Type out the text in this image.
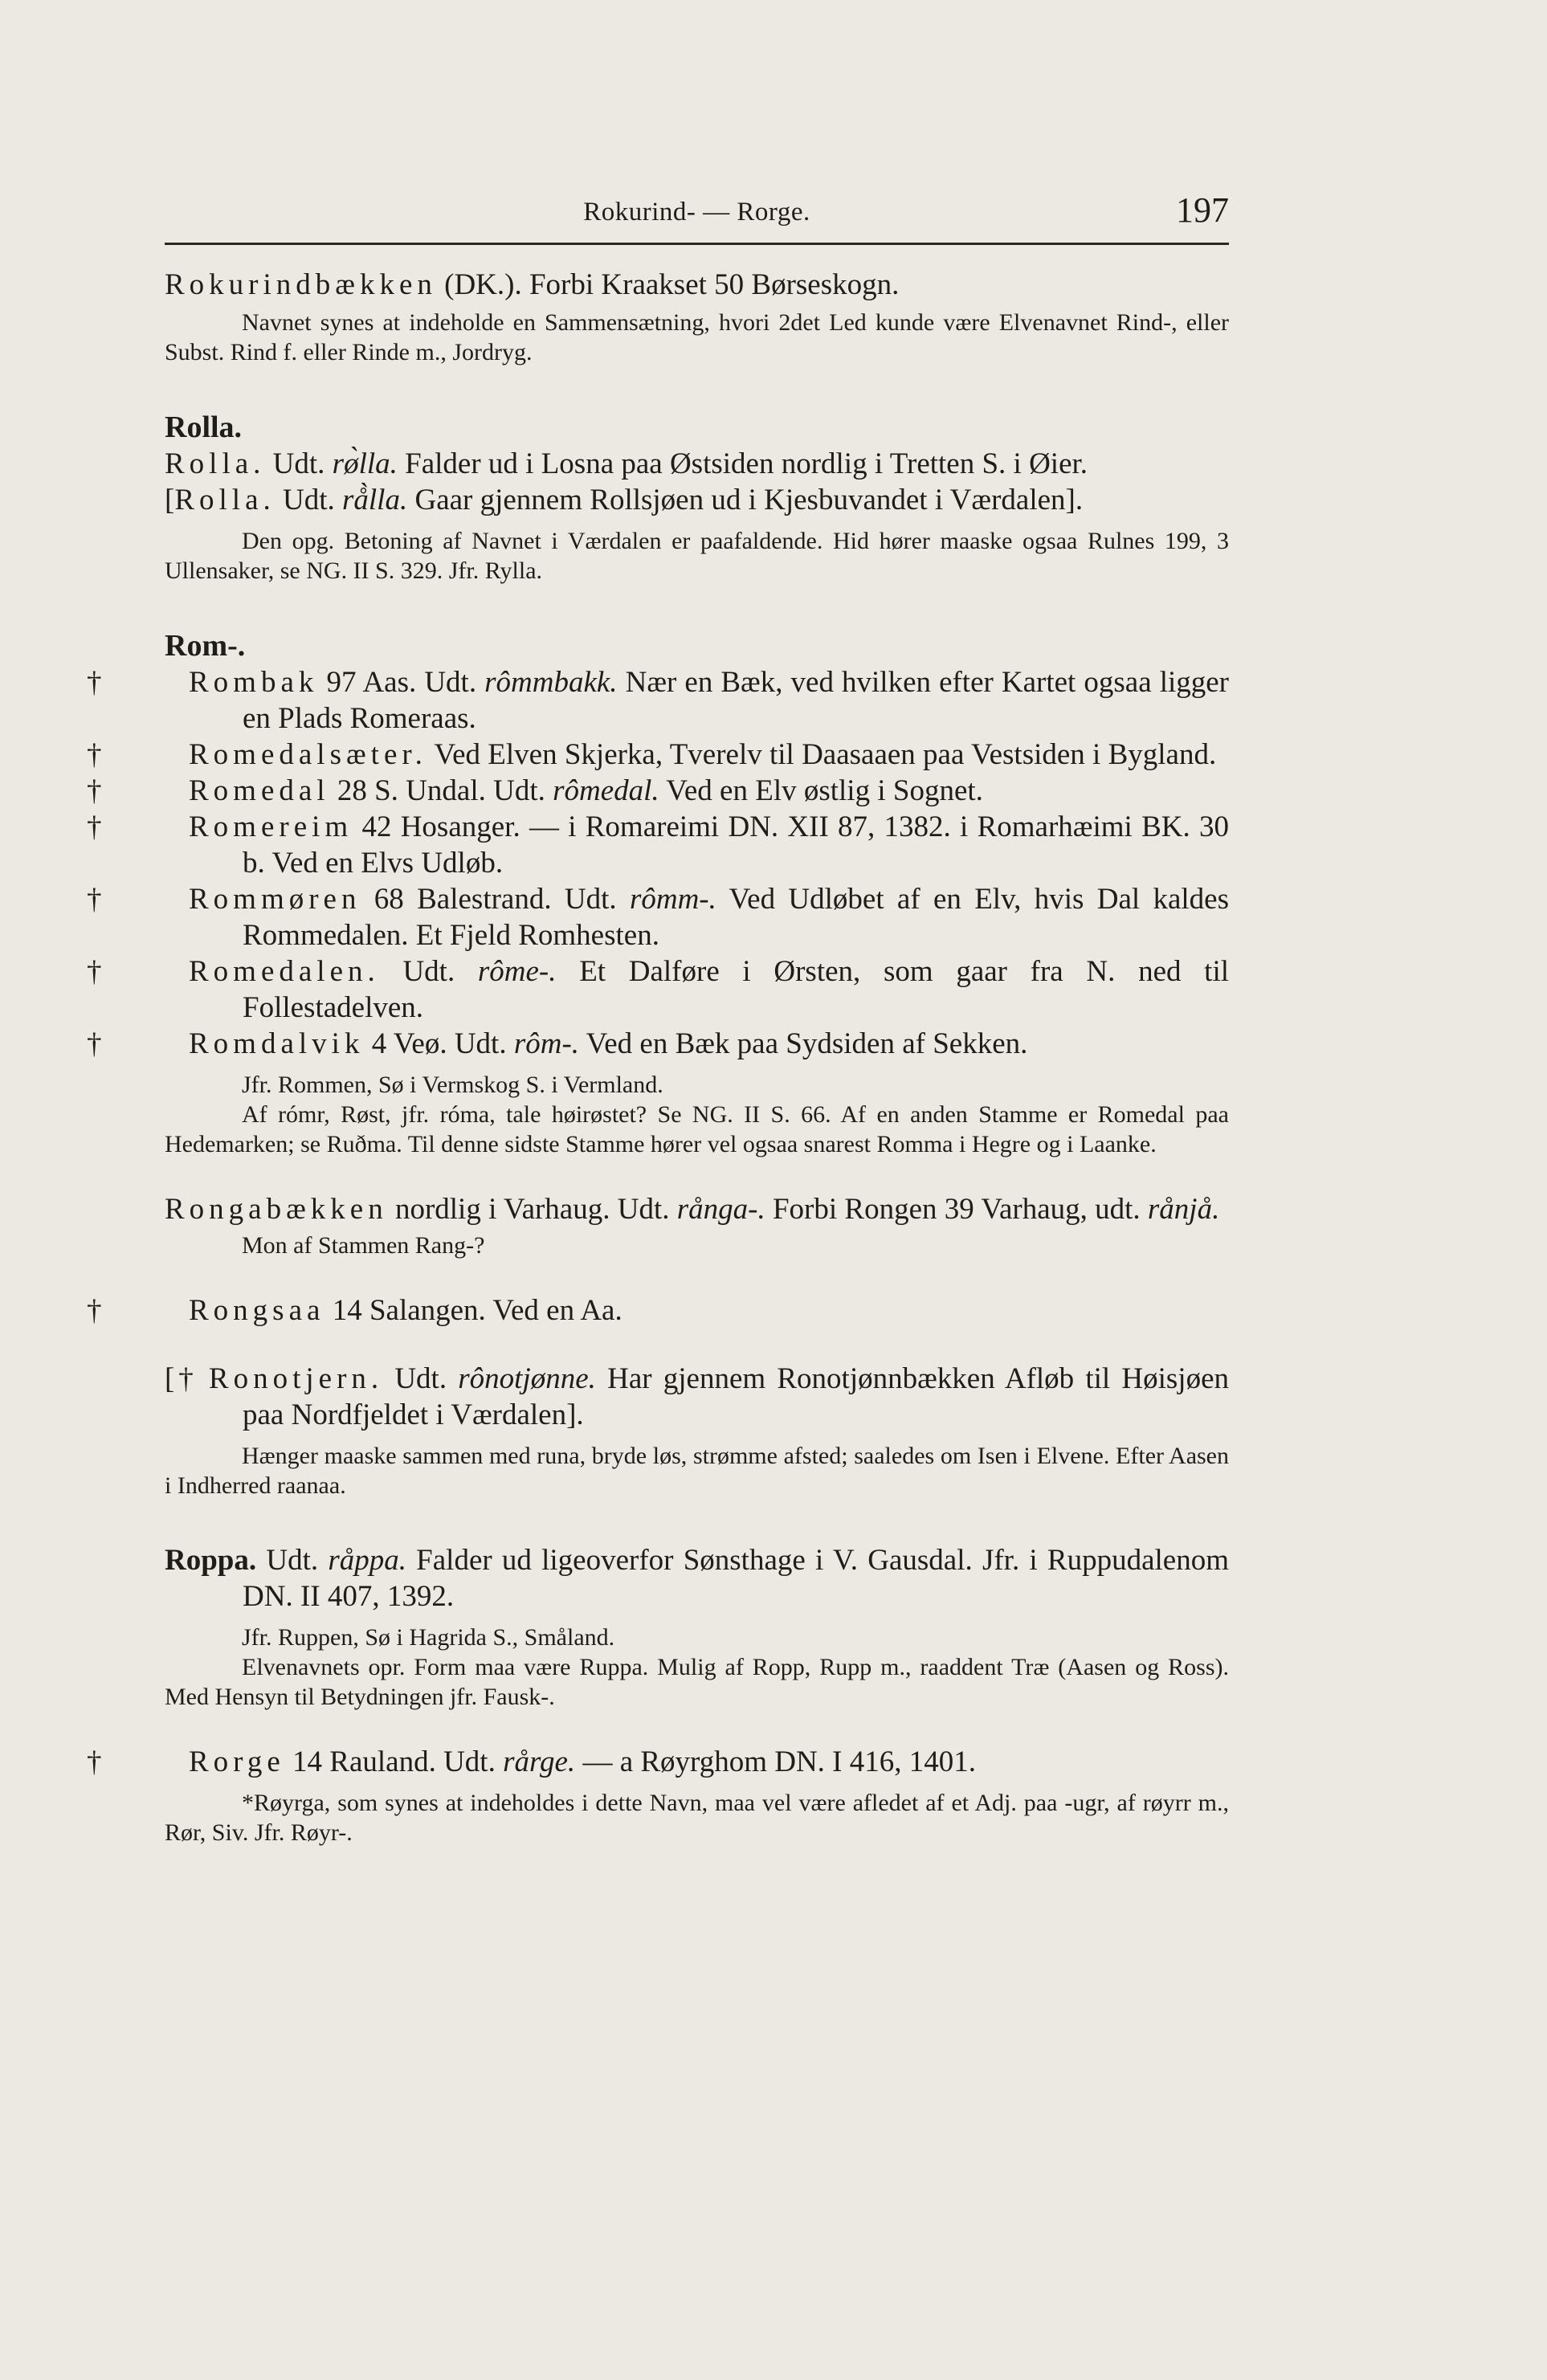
Rokurind- — Rorge.	197

Rokurindbækken (DK.). Forbi Kraakset 50 Børseskogn.

Navnet synes at indeholde en Sammensætning, hvori 2det Led kunde være Elvenavnet Rind-, eller Subst. Rind f. eller Rinde m., Jordryg.

Rolla.

Rolla. Udt. rø̀lla. Falder ud i Losna paa Østsiden nordlig i Tretten S. i Øier.

[Rolla. Udt. rå̀lla. Gaar gjennem Rollsjøen ud i Kjesbuvandet i Værdalen].

Den opg. Betoning af Navnet i Værdalen er paafaldende. Hid hører maaske ogsaa Rulnes 199, 3 Ullensaker, se NG. II S. 329. Jfr. Rylla.

Rom-.

†	Rombak 97 Aas. Udt. rômmbakk. Nær en Bæk, ved hvilken efter Kartet ogsaa ligger en Plads Romeraas.

†	Romedalsæter. Ved Elven Skjerka, Tverelv til Daasaaen paa Vestsiden i Bygland.

†	Romedal 28 S. Undal. Udt. rômedal. Ved en Elv østlig i Sognet.

†	Romereim 42 Hosanger. — i Romareimi DN. XII 87, 1382. i Romarhæimi BK. 30 b. Ved en Elvs Udløb.

†	Rommøren 68 Balestrand. Udt. rômm-. Ved Udløbet af en Elv, hvis Dal kaldes Rommedalen. Et Fjeld Romhesten.

†	Romedalen. Udt. rôme-. Et Dalføre i Ørsten, som gaar fra N. ned til Follestadelven.

†	Romdalvik 4 Veø. Udt. rôm-. Ved en Bæk paa Sydsiden af Sekken.

Jfr. Rommen, Sø i Vermskog S. i Vermland.

Af rómr, Røst, jfr. róma, tale høirøstet? Se NG. II S. 66. Af en anden Stamme er Romedal paa Hedemarken; se Ruðma. Til denne sidste Stamme hører vel ogsaa snarest Romma i Hegre og i Laanke.

Rongabækken nordlig i Varhaug. Udt. rånga-. Forbi Rongen 39 Varhaug, udt. rånjå.

Mon af Stammen Rang-?

†	Rongsaa 14 Salangen. Ved en Aa.

[† Ronotjern. Udt. rônotjønne. Har gjennem Ronotjønnbækken Afløb til Høisjøen paa Nordfjeldet i Værdalen].

Hænger maaske sammen med runa, bryde løs, strømme afsted; saaledes om Isen i Elvene. Efter Aasen i Indherred raanaa.

Roppa. Udt. råppa. Falder ud ligeoverfor Sønsthage i V. Gausdal. Jfr. i Ruppudalenom DN. II 407, 1392.

Jfr. Ruppen, Sø i Hagrida S., Småland.

Elvenavnets opr. Form maa være Ruppa. Mulig af Ropp, Rupp m., raaddent Træ (Aasen og Ross). Med Hensyn til Betydningen jfr. Fausk-.

†	Rorge 14 Rauland. Udt. rårge. — a Røyrghom DN. I 416, 1401.

*Røyrga, som synes at indeholdes i dette Navn, maa vel være afledet af et Adj. paa -ugr, af røyrr m., Rør, Siv. Jfr. Røyr-.
